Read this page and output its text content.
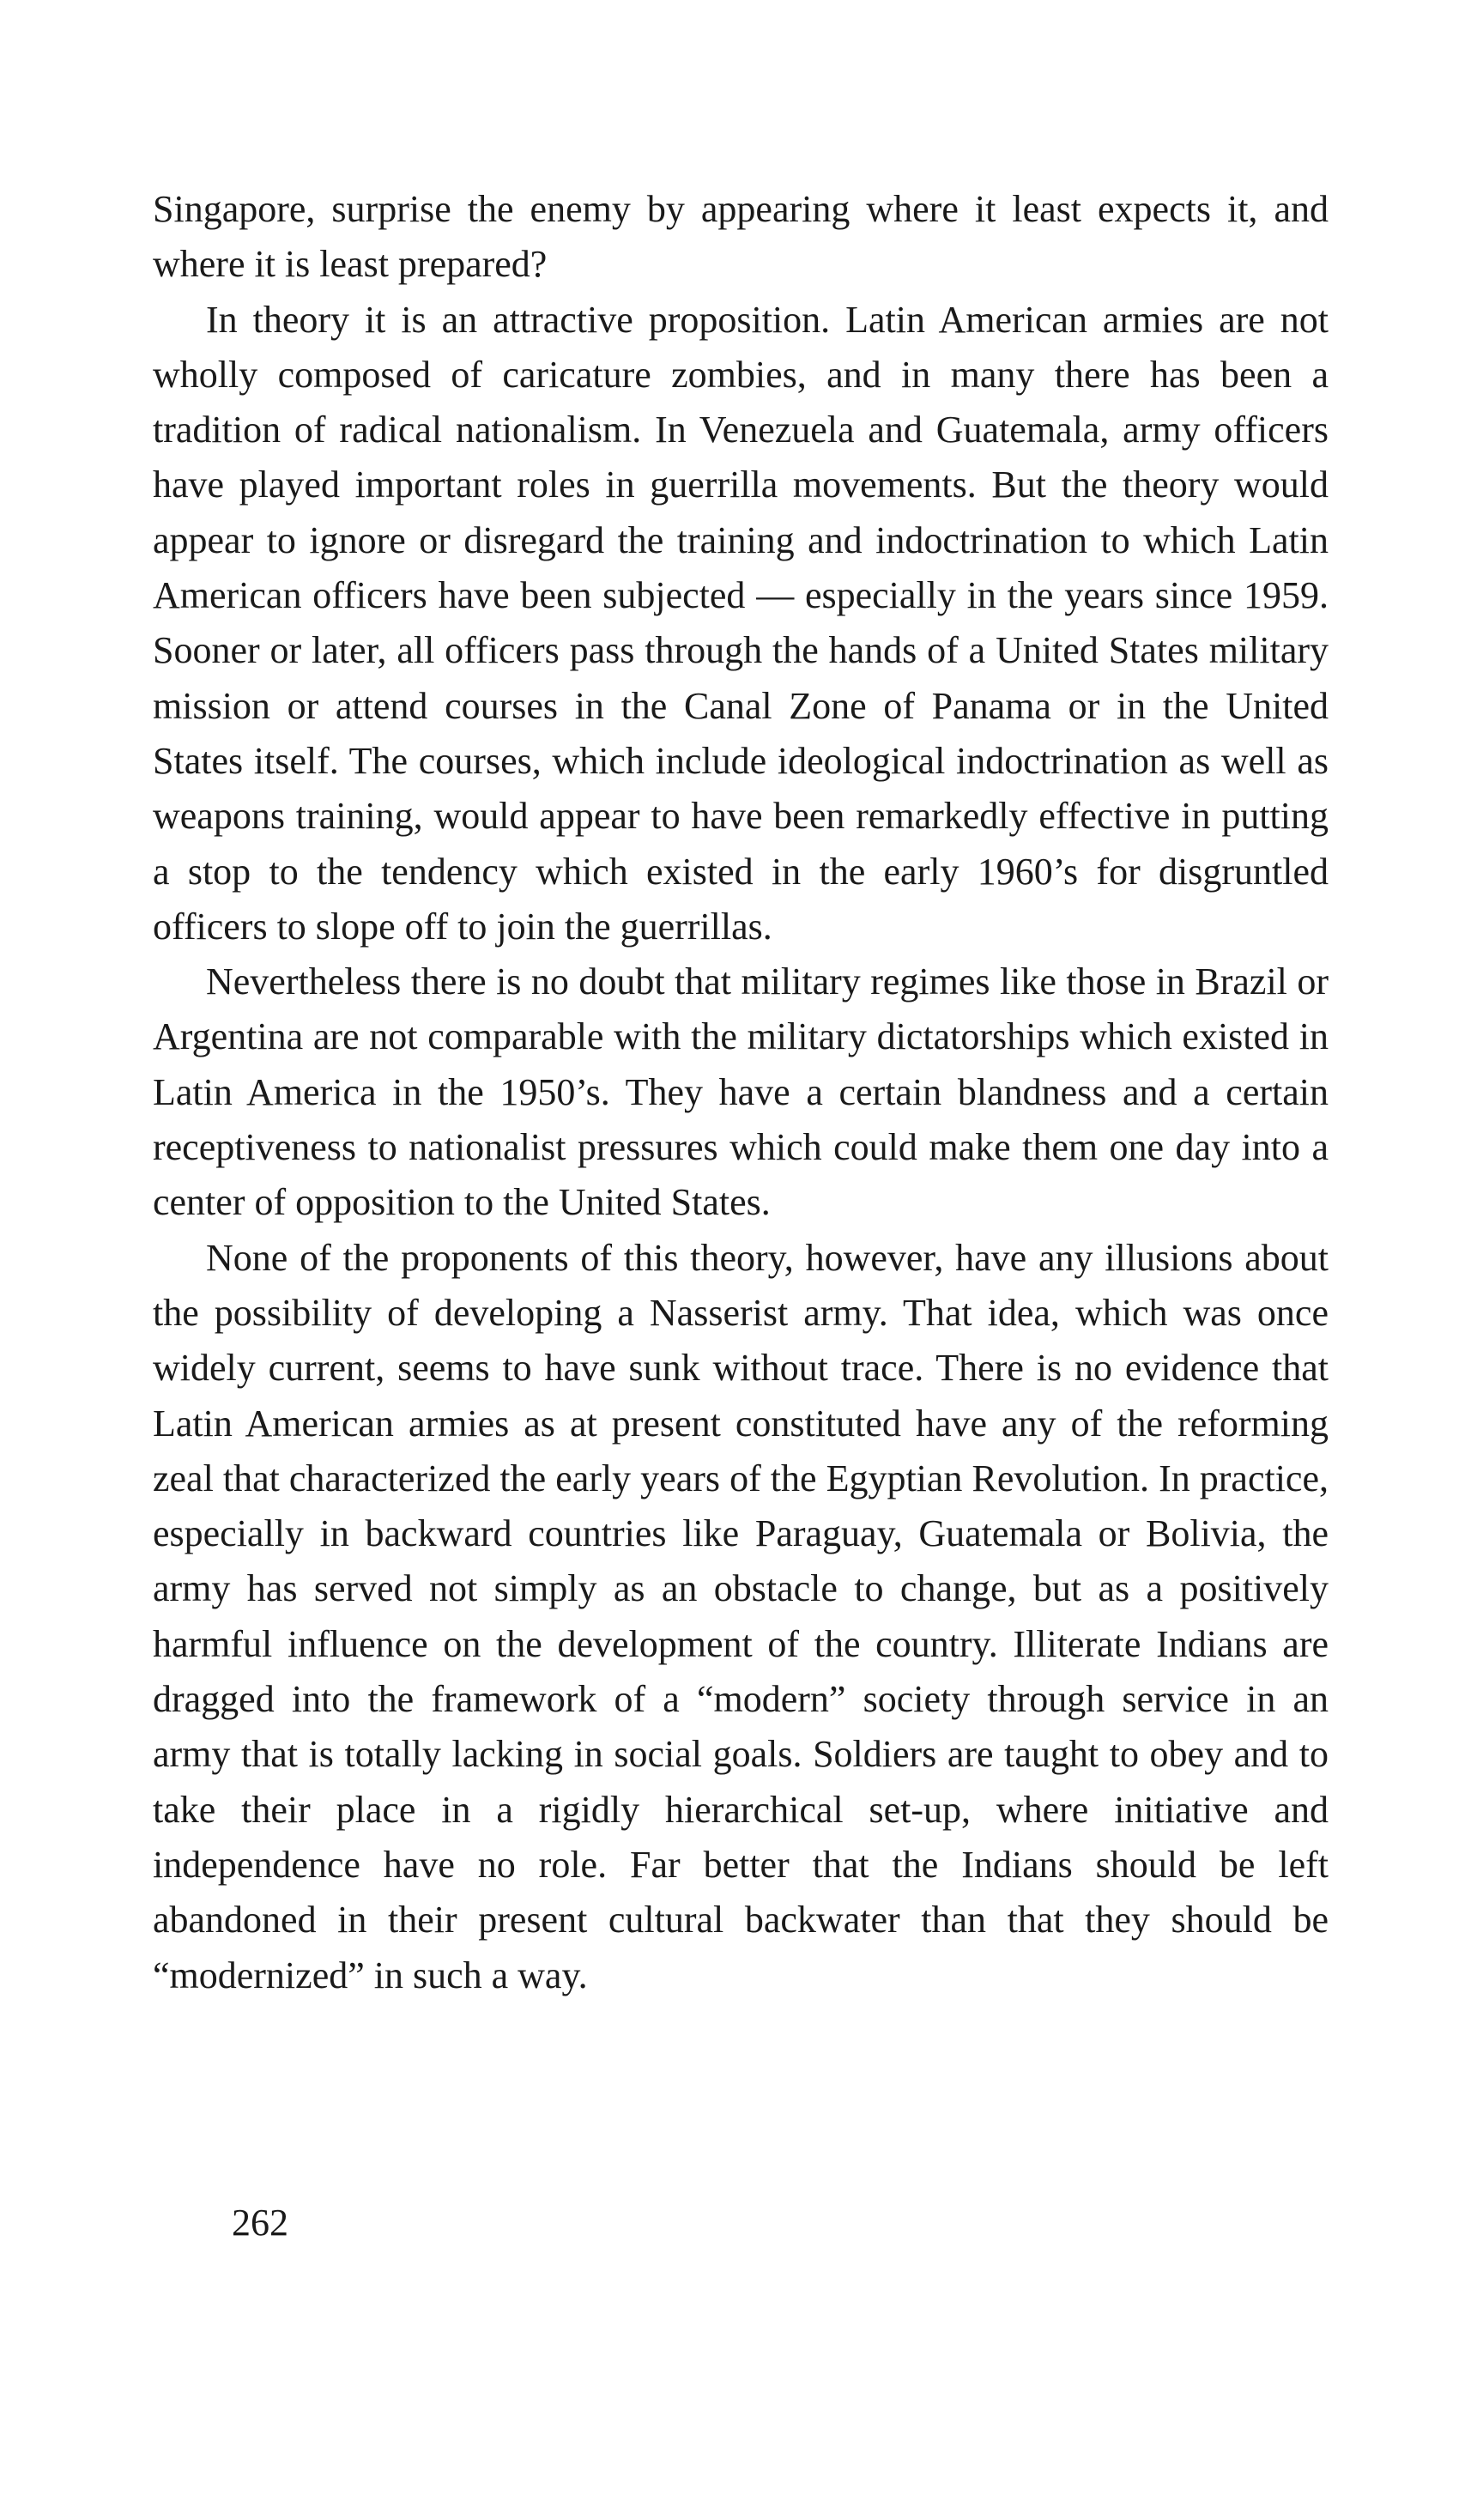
Singapore, surprise the enemy by appearing where it least expects it, and where it is least prepared?

In theory it is an attractive proposition. Latin American armies are not wholly composed of caricature zombies, and in many there has been a tradition of radical nationalism. In Venezuela and Guatemala, army officers have played important roles in guerrilla movements. But the theory would appear to ignore or disregard the training and indoctrination to which Latin American officers have been subjected — especially in the years since 1959. Sooner or later, all officers pass through the hands of a United States military mission or attend courses in the Canal Zone of Panama or in the United States itself. The courses, which include ideological indoctrination as well as weapons training, would appear to have been remarkedly effective in putting a stop to the tendency which existed in the early 1960’s for disgruntled officers to slope off to join the guerrillas.

Nevertheless there is no doubt that military regimes like those in Brazil or Argentina are not comparable with the military dictatorships which existed in Latin America in the 1950’s. They have a certain blandness and a certain receptiveness to nationalist pressures which could make them one day into a center of opposition to the United States.

None of the proponents of this theory, however, have any illusions about the possibility of developing a Nasserist army. That idea, which was once widely current, seems to have sunk without trace. There is no evidence that Latin American armies as at present constituted have any of the reforming zeal that characterized the early years of the Egyptian Revolution. In practice, especially in backward countries like Paraguay, Guatemala or Bolivia, the army has served not simply as an obstacle to change, but as a positively harmful influence on the development of the country. Illiterate Indians are dragged into the framework of a “modern” society through service in an army that is totally lacking in social goals. Soldiers are taught to obey and to take their place in a rigidly hierarchical set-up, where initiative and independence have no role. Far better that the Indians should be left abandoned in their present cultural backwater than that they should be “modernized” in such a way.

262
